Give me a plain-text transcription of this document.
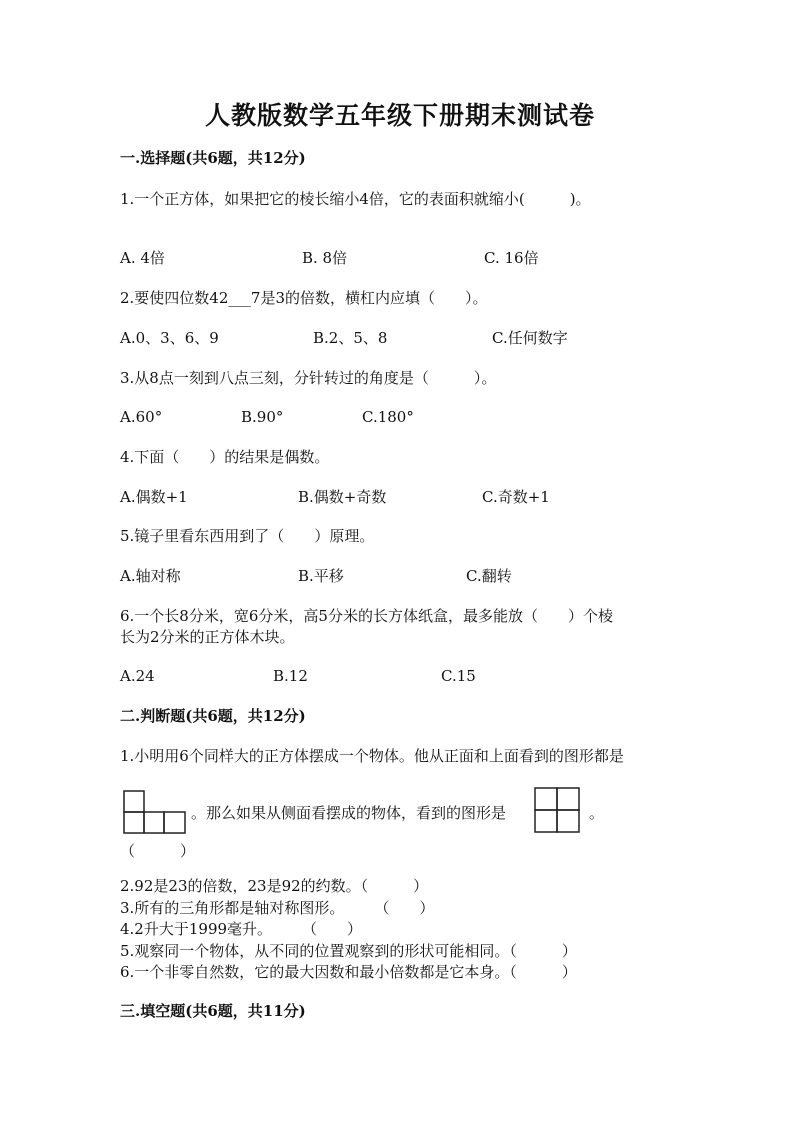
人教版数学五年级下册期末测试卷
一.选择题(共6题，共12分)
1.一个正方体，如果把它的棱长缩小4倍，它的表面积就缩小(　　　)。
A. 4倍	B. 8倍	C. 16倍
2.要使四位数42___7是3的倍数，横杠内应填（　　）。
A.0、3、6、9	B.2、5、8	C.任何数字
3.从8点一刻到八点三刻，分针转过的角度是（　　　）。
A.60°	B.90°	C.180°
4.下面（　　）的结果是偶数。
A.偶数+1	B.偶数+奇数	C.奇数+1
5.镜子里看东西用到了（　　）原理。
A.轴对称	B.平移	C.翻转
6.一个长8分米，宽6分米，高5分米的长方体纸盒，最多能放（　　）个棱
长为2分米的正方体木块。
A.24	B.12	C.15
二.判断题(共6题，共12分)
1.小明用6个同样大的正方体摆成一个物体。他从正面和上面看到的图形都是
。那么如果从侧面看摆成的物体，看到的图形是	。
（　　　）
2.92是23的倍数，23是92的约数。（　　　）
3.所有的三角形都是轴对称图形。　　　（　　）
4.2升大于1999毫升。　　　（　　）
5.观察同一个物体，从不同的位置观察到的形状可能相同。（　　　）
6.一个非零自然数，它的最大因数和最小倍数都是它本身。（　　　）
三.填空题(共6题，共11分)
